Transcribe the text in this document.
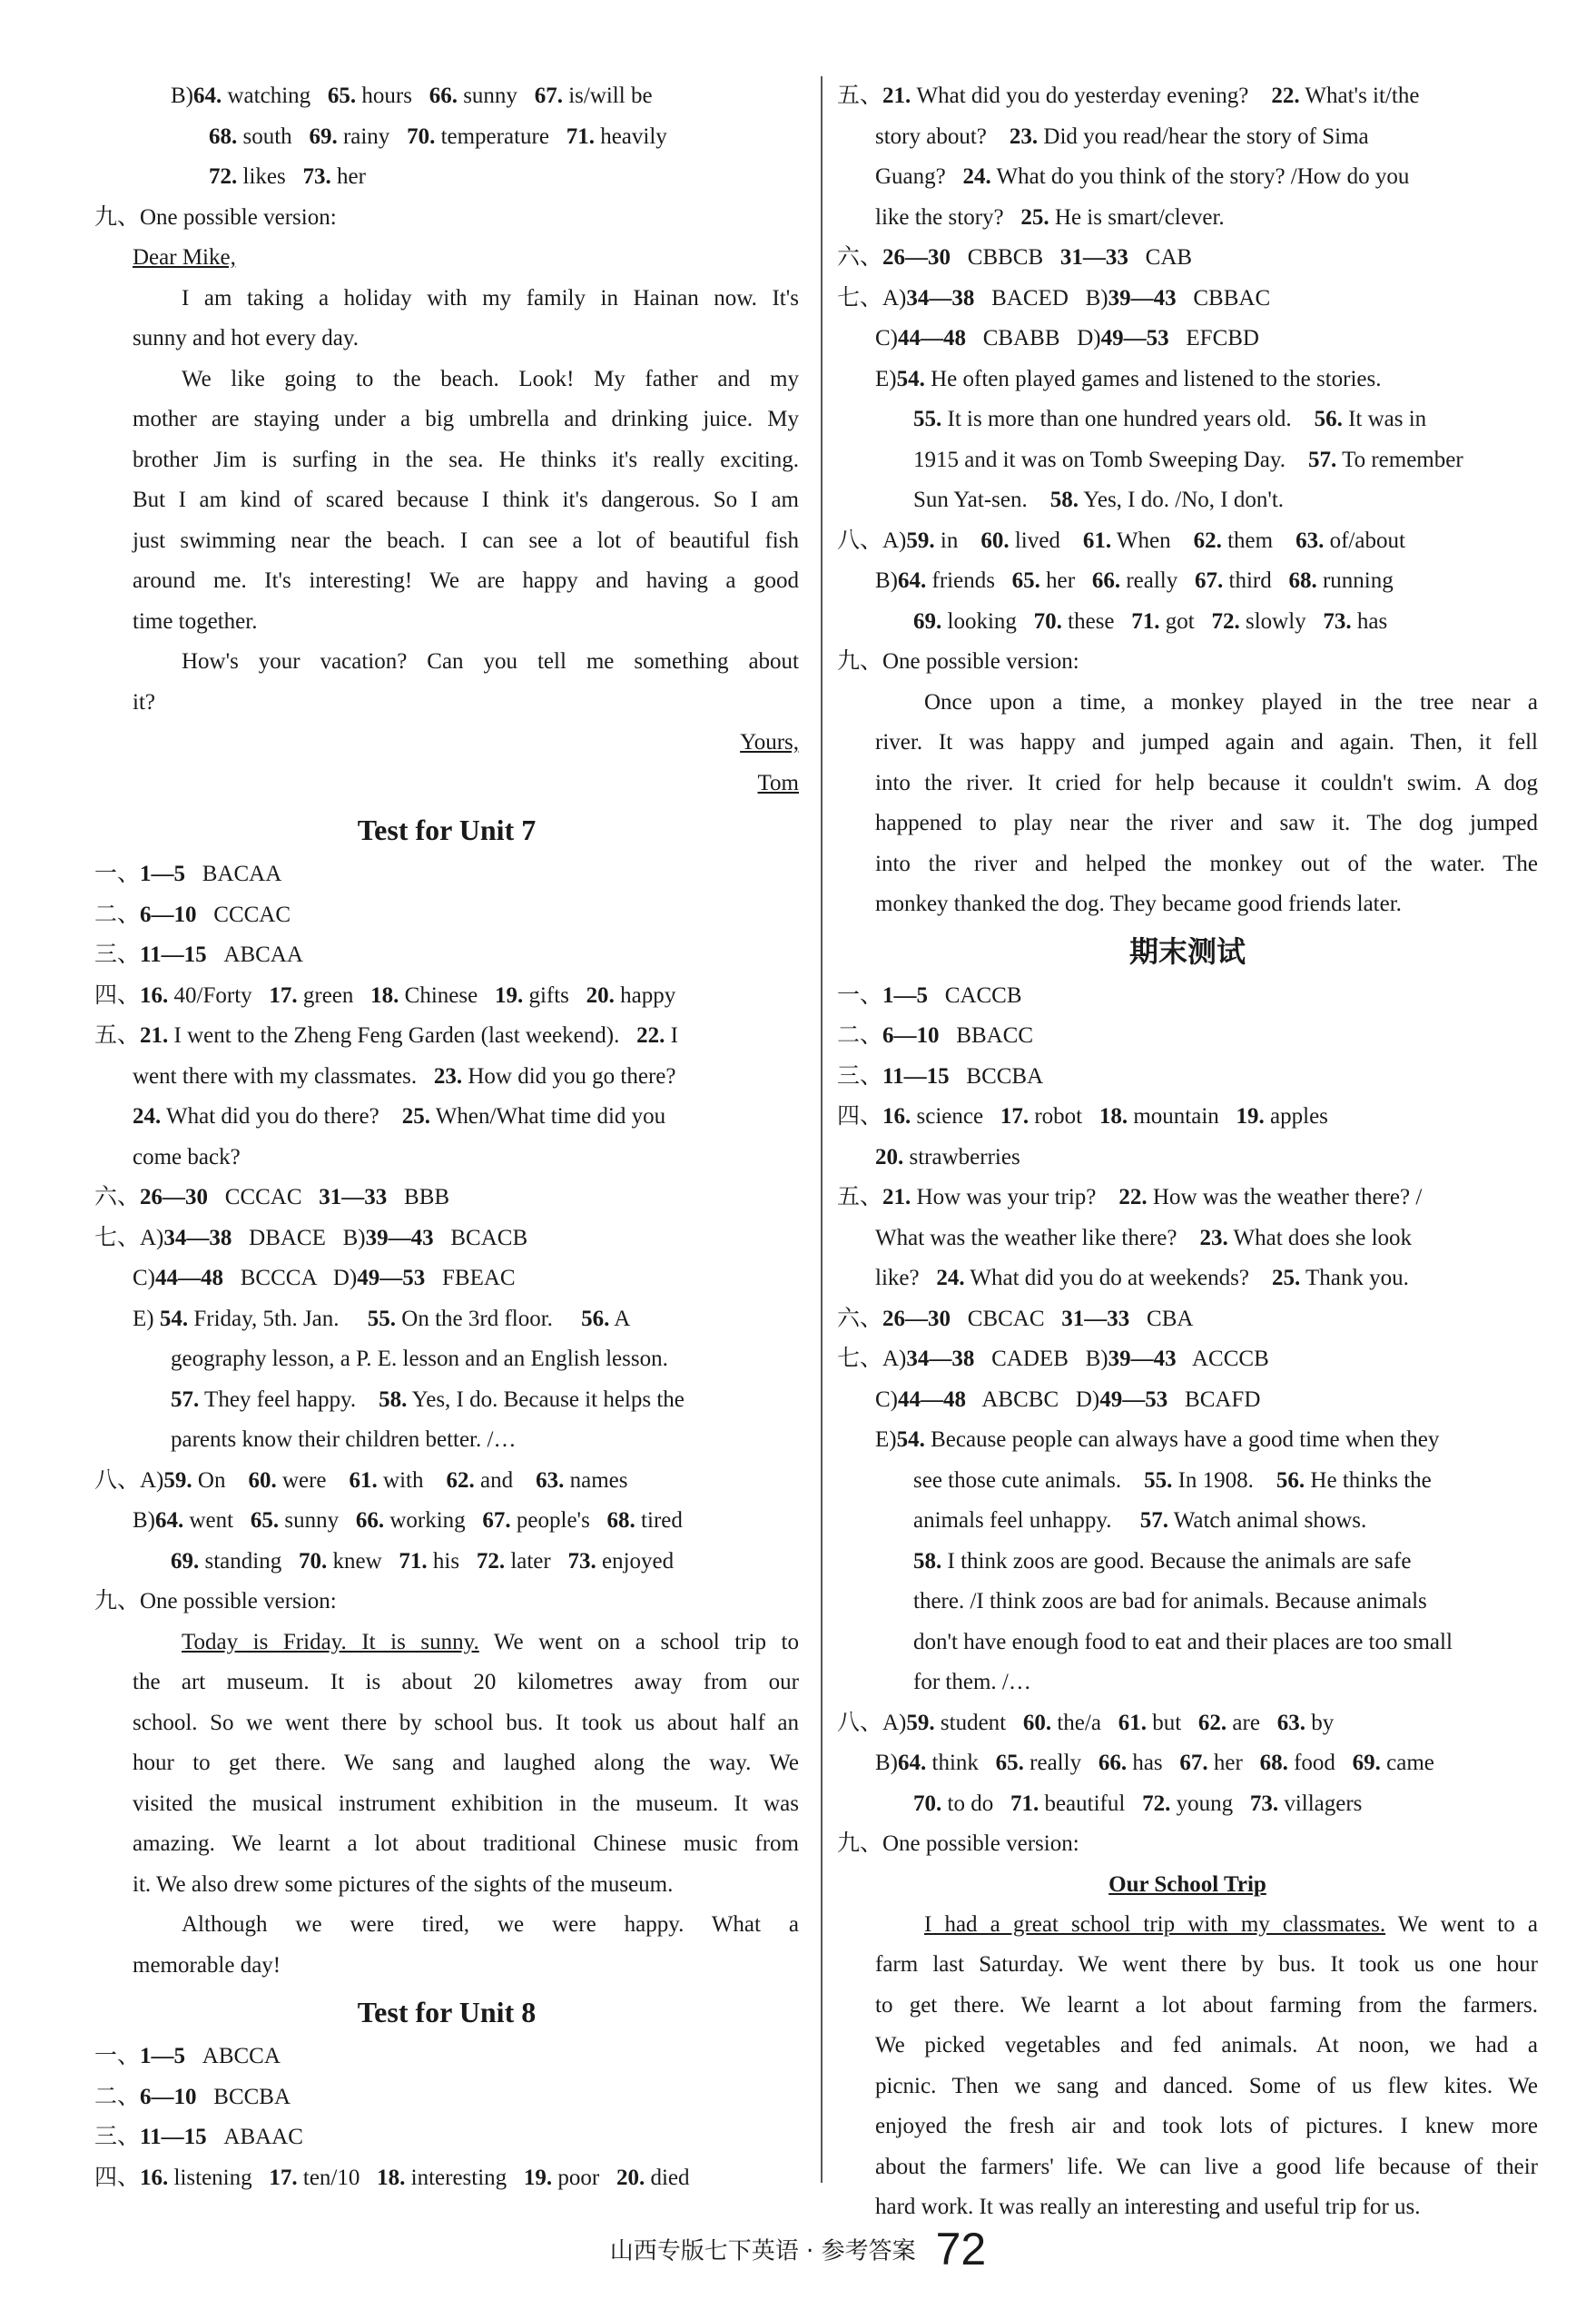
B)64. watching   65. hours   66. sunny   67. is/will be
68. south   69. rainy   70. temperature   71. heavily
72. likes   73. her
九、One possible version:
Dear Mike,
I am taking a holiday with my family in Hainan now. It's
sunny and hot every day.
We like going to the beach. Look! My father and my
mother are staying under a big umbrella and drinking juice. My
brother Jim is surfing in the sea. He thinks it's really exciting.
But I am kind of scared because I think it's dangerous. So I am
just swimming near the beach. I can see a lot of beautiful fish
around me. It's interesting! We are happy and having a good
time together.
How's your vacation? Can you tell me something about
it?
Yours,
Tom
Test for Unit 7
一、1—5   BACAA
二、6—10   CCCAC
三、11—15   ABCAA
四、16. 40/Forty   17. green   18. Chinese   19. gifts   20. happy
五、21. I went to the Zheng Feng Garden (last weekend).   22. I
went there with my classmates.   23. How did you go there?
24. What did you do there?    25. When/What time did you
come back?
六、26—30   CCCAC   31—33   BBB
七、A)34—38   DBACE   B)39—43   BCACB
C)44—48   BCCCA   D)49—53   FBEAC
E) 54. Friday, 5th. Jan.     55. On the 3rd floor.     56. A
geography lesson, a P. E. lesson and an English lesson.
57. They feel happy.    58. Yes, I do. Because it helps the
parents know their children better. /…
八、A)59. On    60. were    61. with    62. and    63. names
B)64. went   65. sunny   66. working   67. people's   68. tired
69. standing   70. knew   71. his   72. later   73. enjoyed
九、One possible version:
Today is Friday. It is sunny. We went on a school trip to
the art museum. It is about 20 kilometres away from our
school. So we went there by school bus. It took us about half an
hour to get there. We sang and laughed along the way. We
visited the musical instrument exhibition in the museum. It was
amazing. We learnt a lot about traditional Chinese music from
it. We also drew some pictures of the sights of the museum.
Although we were tired, we were happy. What a
memorable day!
Test for Unit 8
一、1—5   ABCCA
二、6—10   BCCBA
三、11—15   ABAAC
四、16. listening   17. ten/10   18. interesting   19. poor   20. died
五、21. What did you do yesterday evening?    22. What's it/the
story about?    23. Did you read/hear the story of Sima
Guang?   24. What do you think of the story? /How do you
like the story?   25. He is smart/clever.
六、26—30   CBBCB   31—33   CAB
七、A)34—38   BACED   B)39—43   CBBAC
C)44—48   CBABB   D)49—53   EFCBD
E)54. He often played games and listened to the stories.
55. It is more than one hundred years old.    56. It was in
1915 and it was on Tomb Sweeping Day.    57. To remember
Sun Yat-sen.    58. Yes, I do. /No, I don't.
八、A)59. in    60. lived    61. When    62. them    63. of/about
B)64. friends   65. her   66. really   67. third   68. running
69. looking   70. these   71. got   72. slowly   73. has
九、One possible version:
Once upon a time, a monkey played in the tree near a
river. It was happy and jumped again and again. Then, it fell
into the river. It cried for help because it couldn't swim. A dog
happened to play near the river and saw it. The dog jumped
into the river and helped the monkey out of the water. The
monkey thanked the dog. They became good friends later.
期末测试
一、1—5   CACCB
二、6—10   BBACC
三、11—15   BCCBA
四、16. science   17. robot   18. mountain   19. apples
20. strawberries
五、21. How was your trip?    22. How was the weather there? /
What was the weather like there?    23. What does she look
like?   24. What did you do at weekends?    25. Thank you.
六、26—30   CBCAC   31—33   CBA
七、A)34—38   CADEB   B)39—43   ACCCB
C)44—48   ABCBC   D)49—53   BCAFD
E)54. Because people can always have a good time when they
see those cute animals.    55. In 1908.    56. He thinks the
animals feel unhappy.     57. Watch animal shows.
58. I think zoos are good. Because the animals are safe
there. /I think zoos are bad for animals. Because animals
don't have enough food to eat and their places are too small
for them. /…
八、A)59. student   60. the/a   61. but   62. are   63. by
B)64. think   65. really   66. has   67. her   68. food   69. came
70. to do   71. beautiful   72. young   73. villagers
九、One possible version:
Our School Trip
I had a great school trip with my classmates. We went to a
farm last Saturday. We went there by bus. It took us one hour
to get there. We learnt a lot about farming from the farmers.
We picked vegetables and fed animals. At noon, we had a
picnic. Then we sang and danced. Some of us flew kites. We
enjoyed the fresh air and took lots of pictures. I knew more
about the farmers' life. We can live a good life because of their
hard work. It was really an interesting and useful trip for us.
山西专版七下英语 · 参考答案 72
